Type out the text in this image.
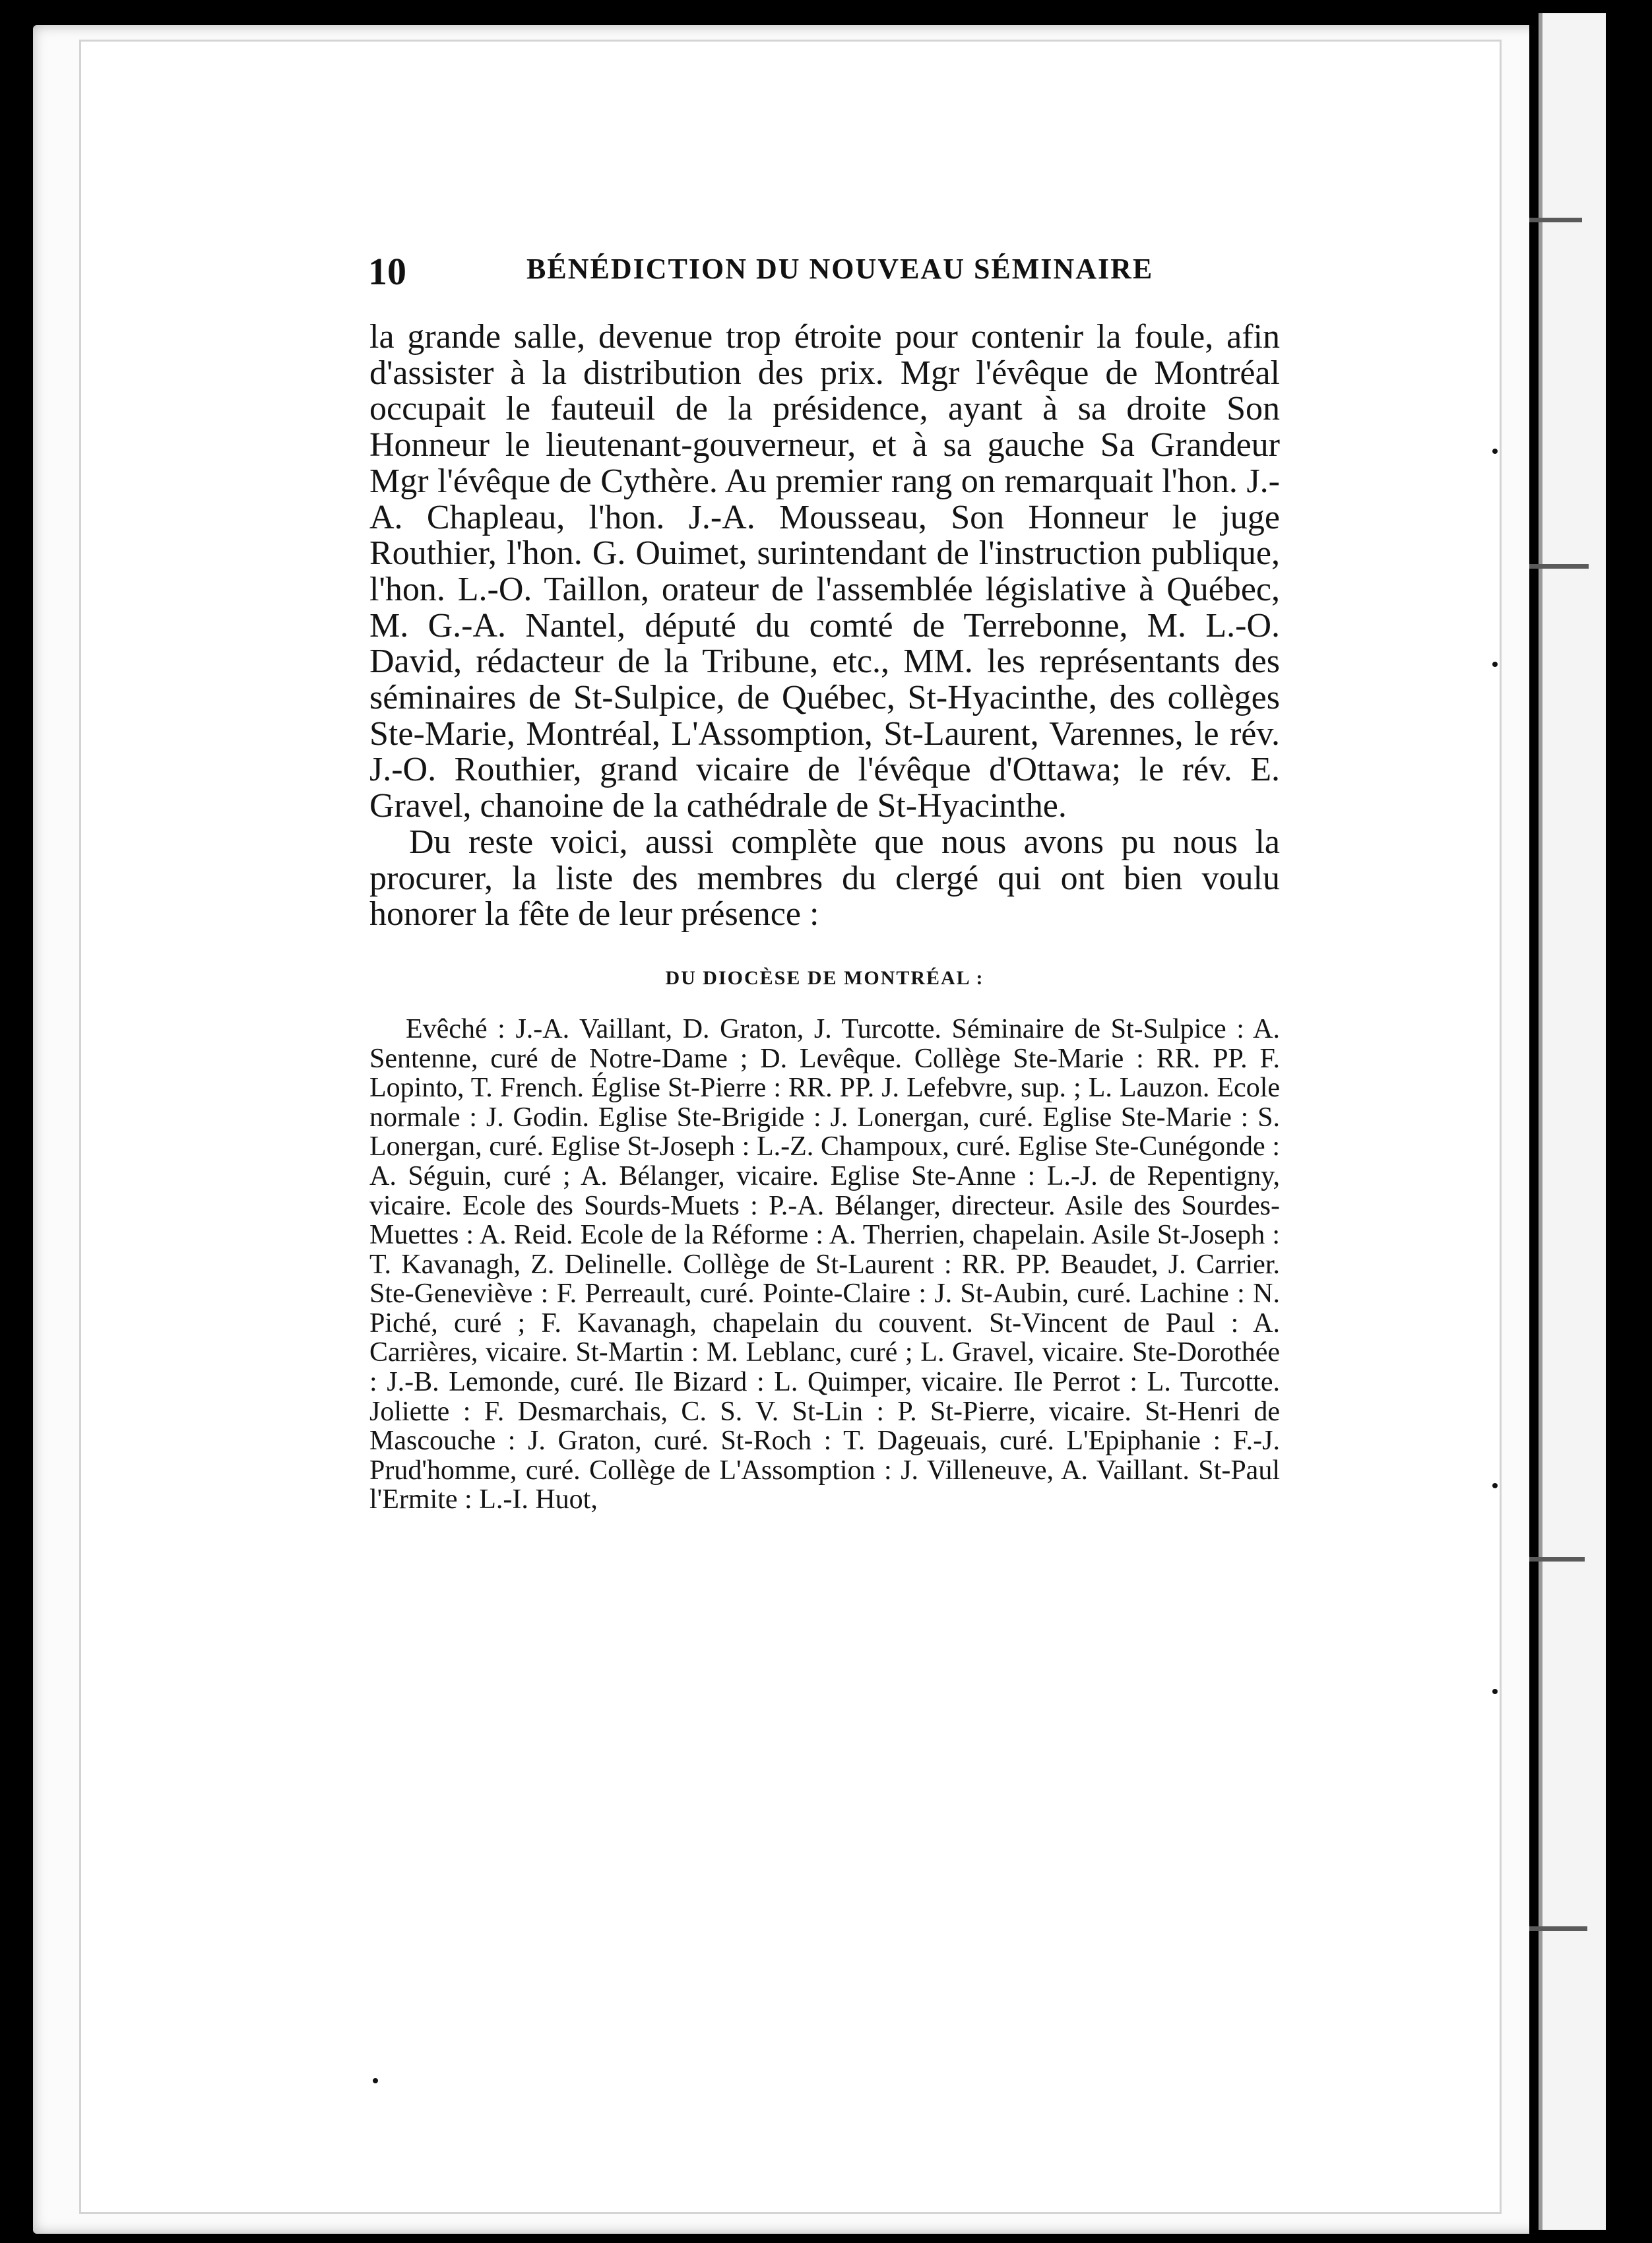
10	BÉNÉDICTION DU NOUVEAU SÉMINAIRE

la grande salle, devenue trop étroite pour contenir la foule, afin d'assister à la distribution des prix. Mgr l'évêque de Montréal occupait le fauteuil de la présidence, ayant à sa droite Son Honneur le lieutenant-gouverneur, et à sa gauche Sa Grandeur Mgr l'évêque de Cythère. Au premier rang on remarquait l'hon. J.-A. Chapleau, l'hon. J.-A. Mousseau, Son Honneur le juge Routhier, l'hon. G. Ouimet, surintendant de l'instruction publique, l'hon. L.-O. Taillon, orateur de l'assemblée législative à Québec, M. G.-A. Nantel, député du comté de Terrebonne, M. L.-O. David, rédacteur de la Tribune, etc., MM. les représentants des séminaires de St-Sulpice, de Québec, St-Hyacinthe, des collèges Ste-Marie, Montréal, L'Assomption, St-Laurent, Varennes, le rév. J.-O. Routhier, grand vicaire de l'évêque d'Ottawa; le rév. E. Gravel, chanoine de la cathédrale de St-Hyacinthe.

Du reste voici, aussi complète que nous avons pu nous la procurer, la liste des membres du clergé qui ont bien voulu honorer la fête de leur présence :

DU DIOCÈSE DE MONTRÉAL :

Evêché : J.-A. Vaillant, D. Graton, J. Turcotte. Séminaire de St-Sulpice : A. Sentenne, curé de Notre-Dame ; D. Levêque. Collège Ste-Marie : RR. PP. F. Lopinto, T. French. Église St-Pierre : RR. PP. J. Lefebvre, sup. ; L. Lauzon. Ecole normale : J. Godin. Eglise Ste-Brigide : J. Lonergan, curé. Eglise Ste-Marie : S. Lonergan, curé. Eglise St-Joseph : L.-Z. Champoux, curé. Eglise Ste-Cunégonde : A. Séguin, curé ; A. Bélanger, vicaire. Eglise Ste-Anne : L.-J. de Repentigny, vicaire. Ecole des Sourds-Muets : P.-A. Bélanger, directeur. Asile des Sourdes-Muettes : A. Reid. Ecole de la Réforme : A. Therrien, chapelain. Asile St-Joseph : T. Kavanagh, Z. Delinelle. Collège de St-Laurent : RR. PP. Beaudet, J. Carrier. Ste-Geneviève : F. Perreault, curé. Pointe-Claire : J. St-Aubin, curé. Lachine : N. Piché, curé ; F. Kavanagh, chapelain du couvent. St-Vincent de Paul : A. Carrières, vicaire. St-Martin : M. Leblanc, curé ; L. Gravel, vicaire. Ste-Dorothée : J.-B. Lemonde, curé. Ile Bizard : L. Quimper, vicaire. Ile Perrot : L. Turcotte. Joliette : F. Desmarchais, C. S. V. St-Lin : P. St-Pierre, vicaire. St-Henri de Mascouche : J. Graton, curé. St-Roch : T. Dageuais, curé. L'Epiphanie : F.-J. Prud'homme, curé. Collège de L'Assomption : J. Villeneuve, A. Vaillant. St-Paul l'Ermite : L.-I. Huot,
